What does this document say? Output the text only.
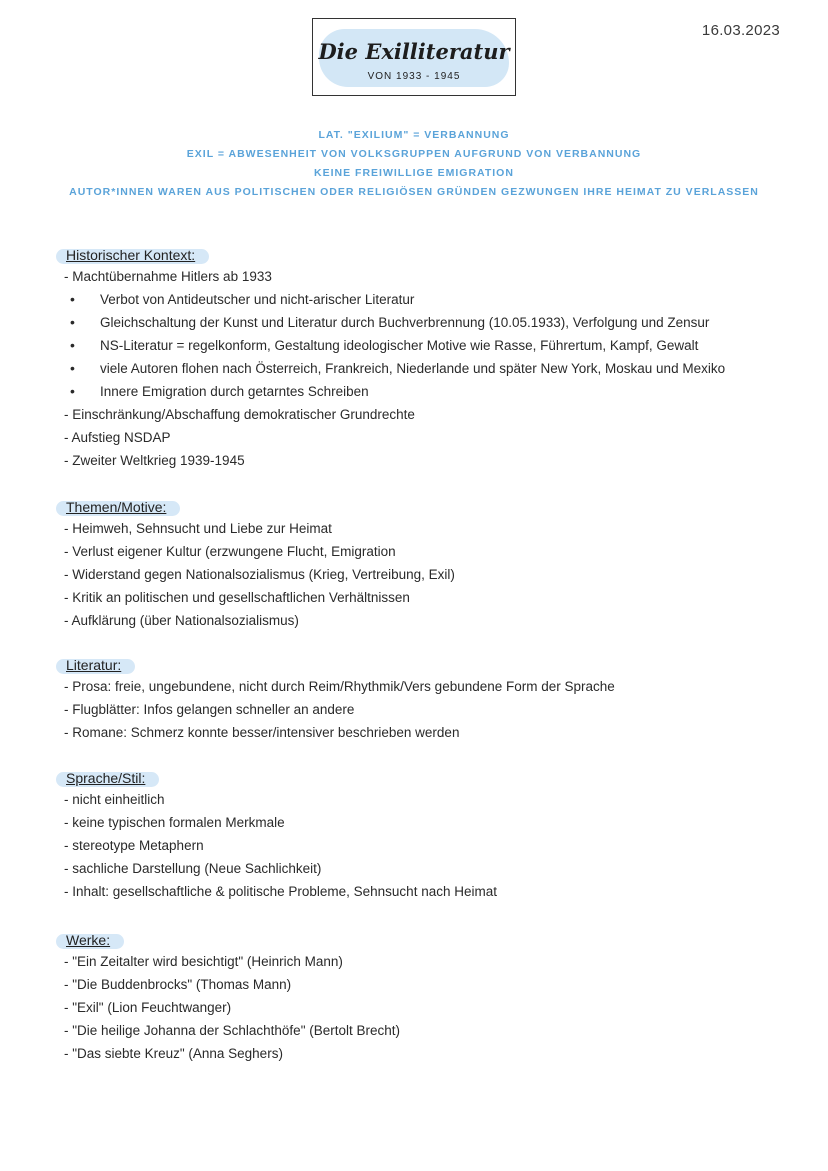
16.03.2023
Die Exilliteratur
VON 1933 - 1945
LAT. "EXILIUM" = VERBANNUNG
EXIL = ABWESENHEIT VON VOLKSGRUPPEN AUFGRUND VON VERBANNUNG
KEINE FREIWILLIGE EMIGRATION
AUTOR*INNEN WAREN AUS POLITISCHEN ODER RELIGIÖSEN GRÜNDEN GEZWUNGEN IHRE HEIMAT ZU VERLASSEN
Historischer Kontext:
- Machtübernahme Hitlers ab 1933
• Verbot von Antideutscher und nicht-arischer Literatur
• Gleichschaltung der Kunst und Literatur durch Buchverbrennung (10.05.1933), Verfolgung und Zensur
• NS-Literatur = regelkonform, Gestaltung ideologischer Motive wie Rasse, Führertum, Kampf, Gewalt
• viele Autoren flohen nach Österreich, Frankreich, Niederlande und später New York, Moskau und Mexiko
• Innere Emigration durch getarntes Schreiben
- Einschränkung/Abschaffung demokratischer Grundrechte
- Aufstieg NSDAP
- Zweiter Weltkrieg 1939-1945
Themen/Motive:
- Heimweh, Sehnsucht und Liebe zur Heimat
- Verlust eigener Kultur (erzwungene Flucht, Emigration
- Widerstand gegen Nationalsozialismus (Krieg, Vertreibung, Exil)
- Kritik an politischen und gesellschaftlichen Verhältnissen
- Aufklärung (über Nationalsozialismus)
Literatur:
- Prosa: freie, ungebundene, nicht durch Reim/Rhythmik/Vers gebundene Form der Sprache
- Flugblätter: Infos gelangen schneller an andere
- Romane: Schmerz konnte besser/intensiver beschrieben werden
Sprache/Stil:
- nicht einheitlich
- keine typischen formalen Merkmale
- stereotype Metaphern
- sachliche Darstellung (Neue Sachlichkeit)
- Inhalt: gesellschaftliche & politische Probleme, Sehnsucht nach Heimat
Werke:
- "Ein Zeitalter wird besichtigt" (Heinrich Mann)
- "Die Buddenbrocks" (Thomas Mann)
- "Exil" (Lion Feuchtwanger)
- "Die heilige Johanna der Schlachthöfe" (Bertolt Brecht)
- "Das siebte Kreuz" (Anna Seghers)
